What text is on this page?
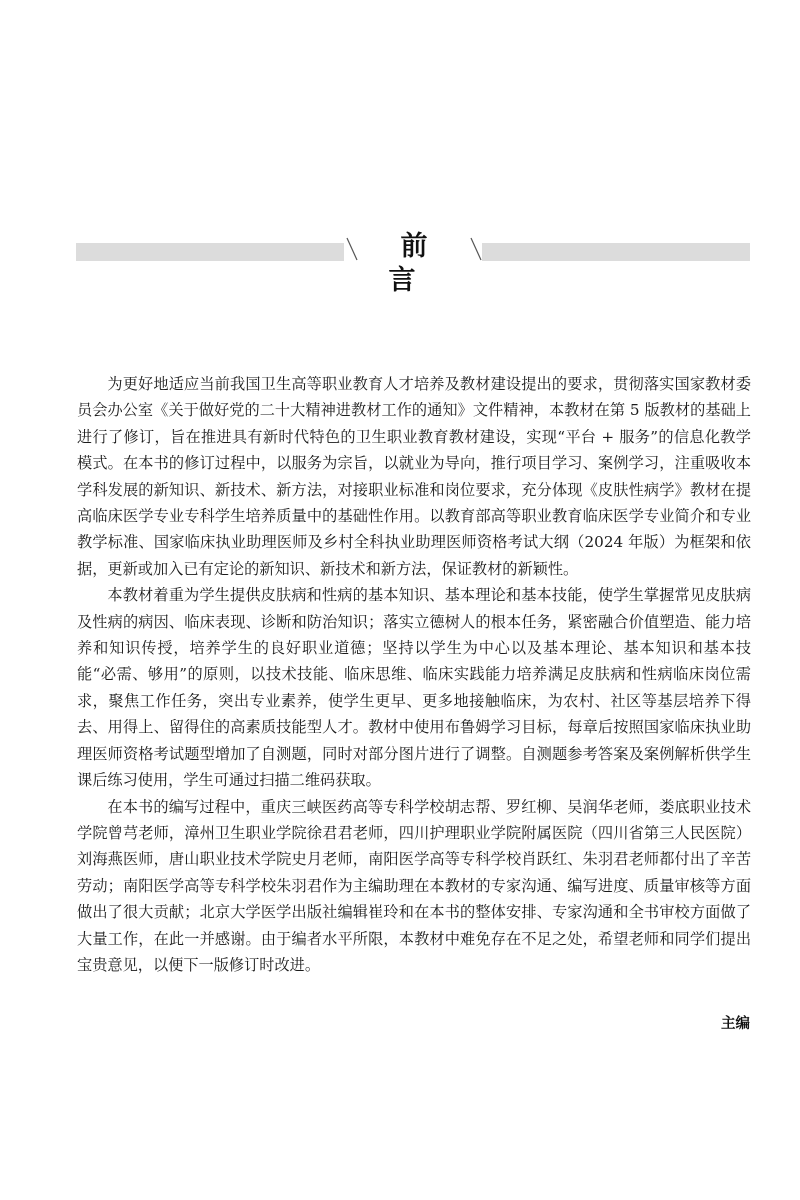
前言

为更好地适应当前我国卫生高等职业教育人才培养及教材建设提出的要求，贯彻落实国家教材委员会办公室《关于做好党的二十大精神进教材工作的通知》文件精神，本教材在第 5 版教材的基础上进行了修订，旨在推进具有新时代特色的卫生职业教育教材建设，实现“平台 + 服务”的信息化教学模式。在本书的修订过程中，以服务为宗旨，以就业为导向，推行项目学习、案例学习，注重吸收本学科发展的新知识、新技术、新方法，对接职业标准和岗位要求，充分体现《皮肤性病学》教材在提高临床医学专业专科学生培养质量中的基础性作用。以教育部高等职业教育临床医学专业简介和专业教学标准、国家临床执业助理医师及乡村全科执业助理医师资格考试大纲（2024 年版）为框架和依据，更新或加入已有定论的新知识、新技术和新方法，保证教材的新颖性。

本教材着重为学生提供皮肤病和性病的基本知识、基本理论和基本技能，使学生掌握常见皮肤病及性病的病因、临床表现、诊断和防治知识；落实立德树人的根本任务，紧密融合价值塑造、能力培养和知识传授，培养学生的良好职业道德；坚持以学生为中心以及基本理论、基本知识和基本技能“必需、够用”的原则，以技术技能、临床思维、临床实践能力培养满足皮肤病和性病临床岗位需求，聚焦工作任务，突出专业素养，使学生更早、更多地接触临床，为农村、社区等基层培养下得去、用得上、留得住的高素质技能型人才。教材中使用布鲁姆学习目标，每章后按照国家临床执业助理医师资格考试题型增加了自测题，同时对部分图片进行了调整。自测题参考答案及案例解析供学生课后练习使用，学生可通过扫描二维码获取。

在本书的编写过程中，重庆三峡医药高等专科学校胡志帮、罗红柳、吴润华老师，娄底职业技术学院曾芎老师，漳州卫生职业学院徐君君老师，四川护理职业学院附属医院（四川省第三人民医院）刘海燕医师，唐山职业技术学院史月老师，南阳医学高等专科学校肖跃红、朱羽君老师都付出了辛苦劳动；南阳医学高等专科学校朱羽君作为主编助理在本教材的专家沟通、编写进度、质量审核等方面做出了很大贡献；北京大学医学出版社编辑崔玲和在本书的整体安排、专家沟通和全书审校方面做了大量工作，在此一并感谢。由于编者水平所限，本教材中难免存在不足之处，希望老师和同学们提出宝贵意见，以便下一版修订时改进。

主编
